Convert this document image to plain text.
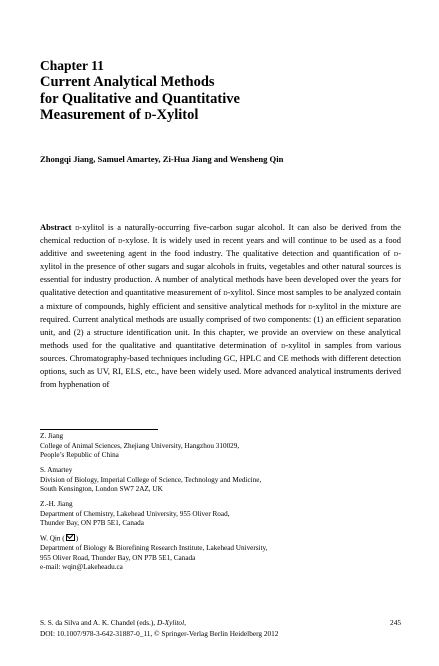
Chapter 11
Current Analytical Methods
for Qualitative and Quantitative
Measurement of d-Xylitol
Zhongqi Jiang, Samuel Amartey, Zi-Hua Jiang and Wensheng Qin
Abstract d-xylitol is a naturally-occurring five-carbon sugar alcohol. It can also be derived from the chemical reduction of d-xylose. It is widely used in recent years and will continue to be used as a food additive and sweetening agent in the food industry. The qualitative detection and quantification of d-xylitol in the presence of other sugars and sugar alcohols in fruits, vegetables and other natural sources is essential for industry production. A number of analytical methods have been developed over the years for qualitative detection and quantitative measurement of d-xylitol. Since most samples to be analyzed contain a mixture of compounds, highly efficient and sensitive analytical methods for d-xylitol in the mixture are required. Current analytical methods are usually comprised of two components: (1) an efficient separation unit, and (2) a structure identification unit. In this chapter, we provide an overview on these analytical methods used for the qualitative and quantitative determination of d-xylitol in samples from various sources. Chromatography-based techniques including GC, HPLC and CE methods with different detection options, such as UV, RI, ELS, etc., have been widely used. More advanced analytical instruments derived from hyphenation of
Z. Jiang
College of Animal Sciences, Zhejiang University, Hangzhou 310029,
People’s Republic of China
S. Amartey
Division of Biology, Imperial College of Science, Technology and Medicine,
South Kensington, London SW7 2AZ, UK
Z.-H. Jiang
Department of Chemistry, Lakehead University, 955 Oliver Road,
Thunder Bay, ON P7B 5E1, Canada
W. Qin ( )
Department of Biology & Biorefining Research Institute, Lakehead University,
955 Oliver Road, Thunder Bay, ON P7B 5E1, Canada
e-mail: wqin@Lakeheadu.ca
S. S. da Silva and A. K. Chandel (eds.), D-Xylitol,
DOI: 10.1007/978-3-642-31887-0_11, © Springer-Verlag Berlin Heidelberg 2012
245
